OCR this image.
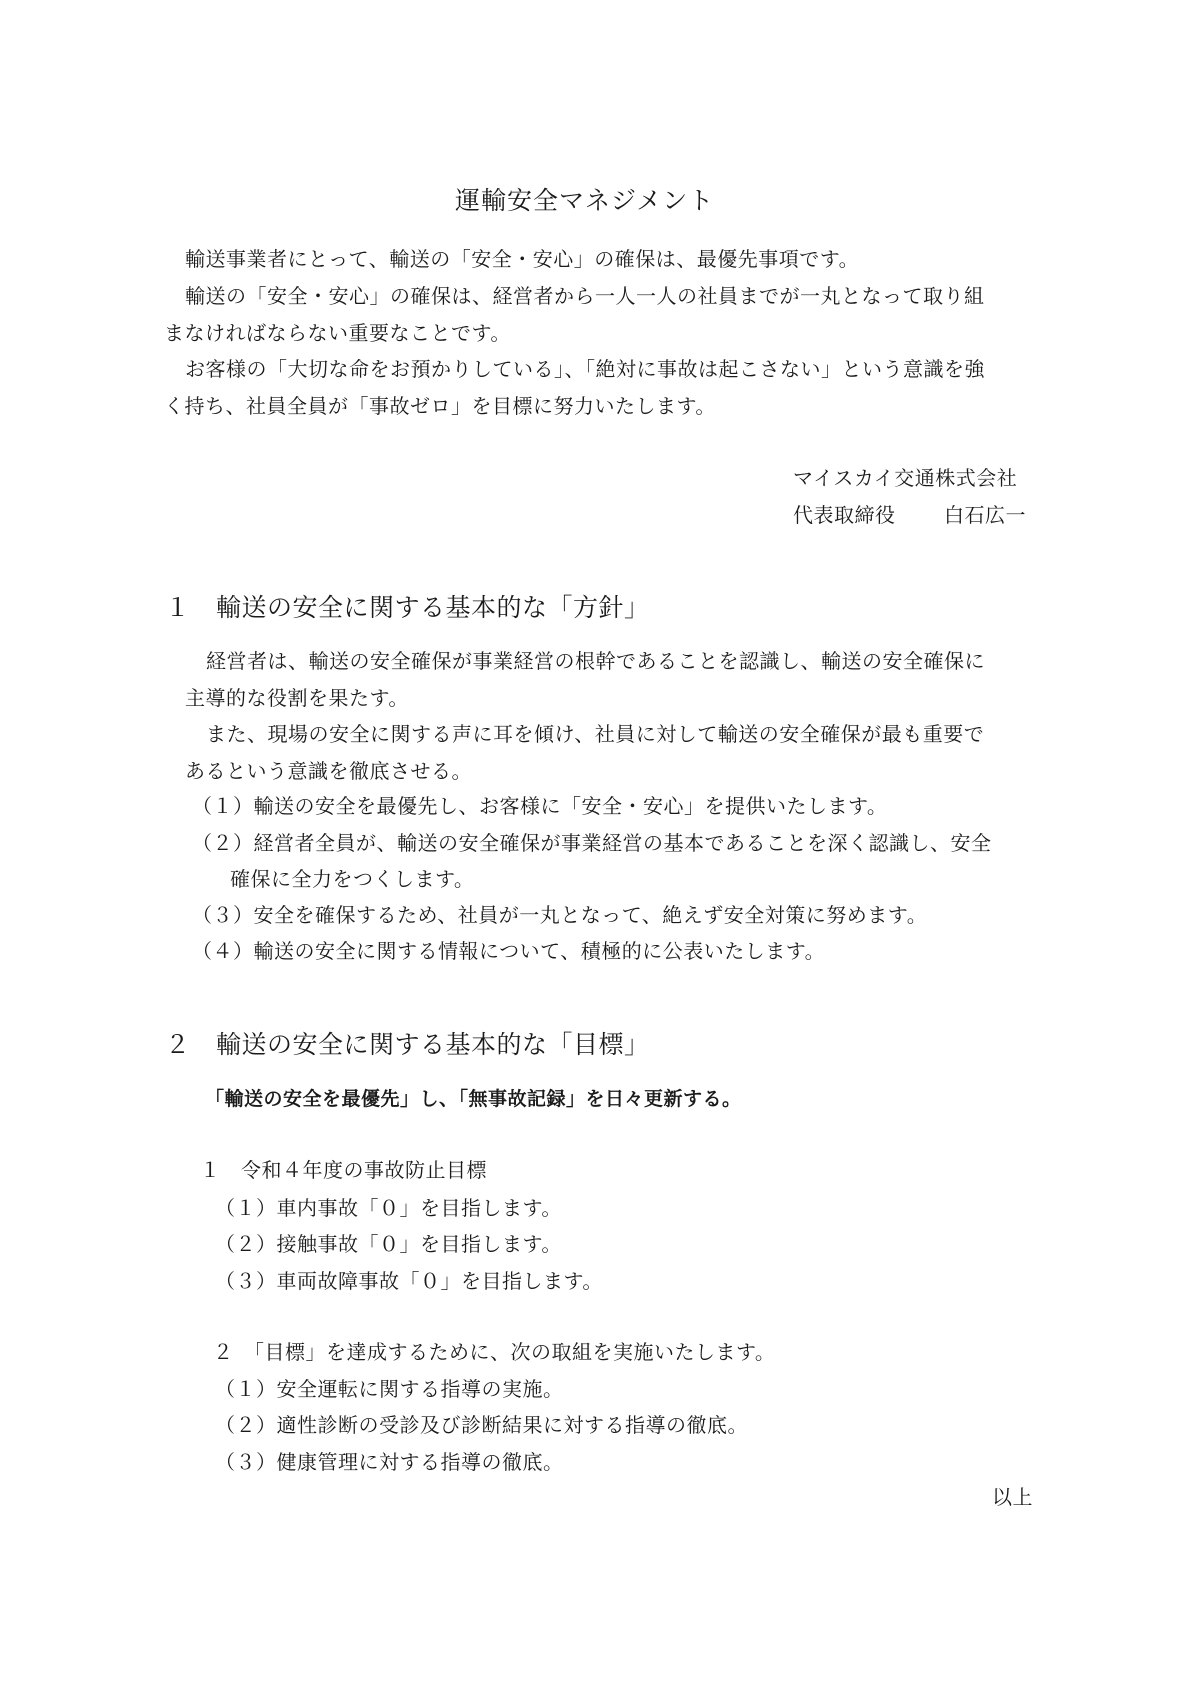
運輸安全マネジメント
輸送事業者にとって、輸送の「安全・安心」の確保は、最優先事項です。
輸送の「安全・安心」の確保は、経営者から一人一人の社員までが一丸となって取り組
まなければならない重要なことです。
お客様の「大切な命をお預かりしている」、「絶対に事故は起こさない」という意識を強
く持ち、社員全員が「事故ゼロ」を目標に努力いたします。
マイスカイ交通株式会社
代表取締役 白石広一
１　輸送の安全に関する基本的な「方針」
経営者は、輸送の安全確保が事業経営の根幹であることを認識し、輸送の安全確保に
主導的な役割を果たす。
また、現場の安全に関する声に耳を傾け、社員に対して輸送の安全確保が最も重要で
あるという意識を徹底させる。
（１）輸送の安全を最優先し、お客様に「安全・安心」を提供いたします。
（２）経営者全員が、輸送の安全確保が事業経営の基本であることを深く認識し、安全
確保に全力をつくします。
（３）安全を確保するため、社員が一丸となって、絶えず安全対策に努めます。
（４）輸送の安全に関する情報について、積極的に公表いたします。
２　輸送の安全に関する基本的な「目標」
「輸送の安全を最優先」し、「無事故記録」を日々更新する。
１　令和４年度の事故防止目標
（１）車内事故「０」を目指します。
（２）接触事故「０」を目指します。
（３）車両故障事故「０」を目指します。
２　「目標」を達成するために、次の取組を実施いたします。
（１）安全運転に関する指導の実施。
（２）適性診断の受診及び診断結果に対する指導の徹底。
（３）健康管理に対する指導の徹底。
以上
